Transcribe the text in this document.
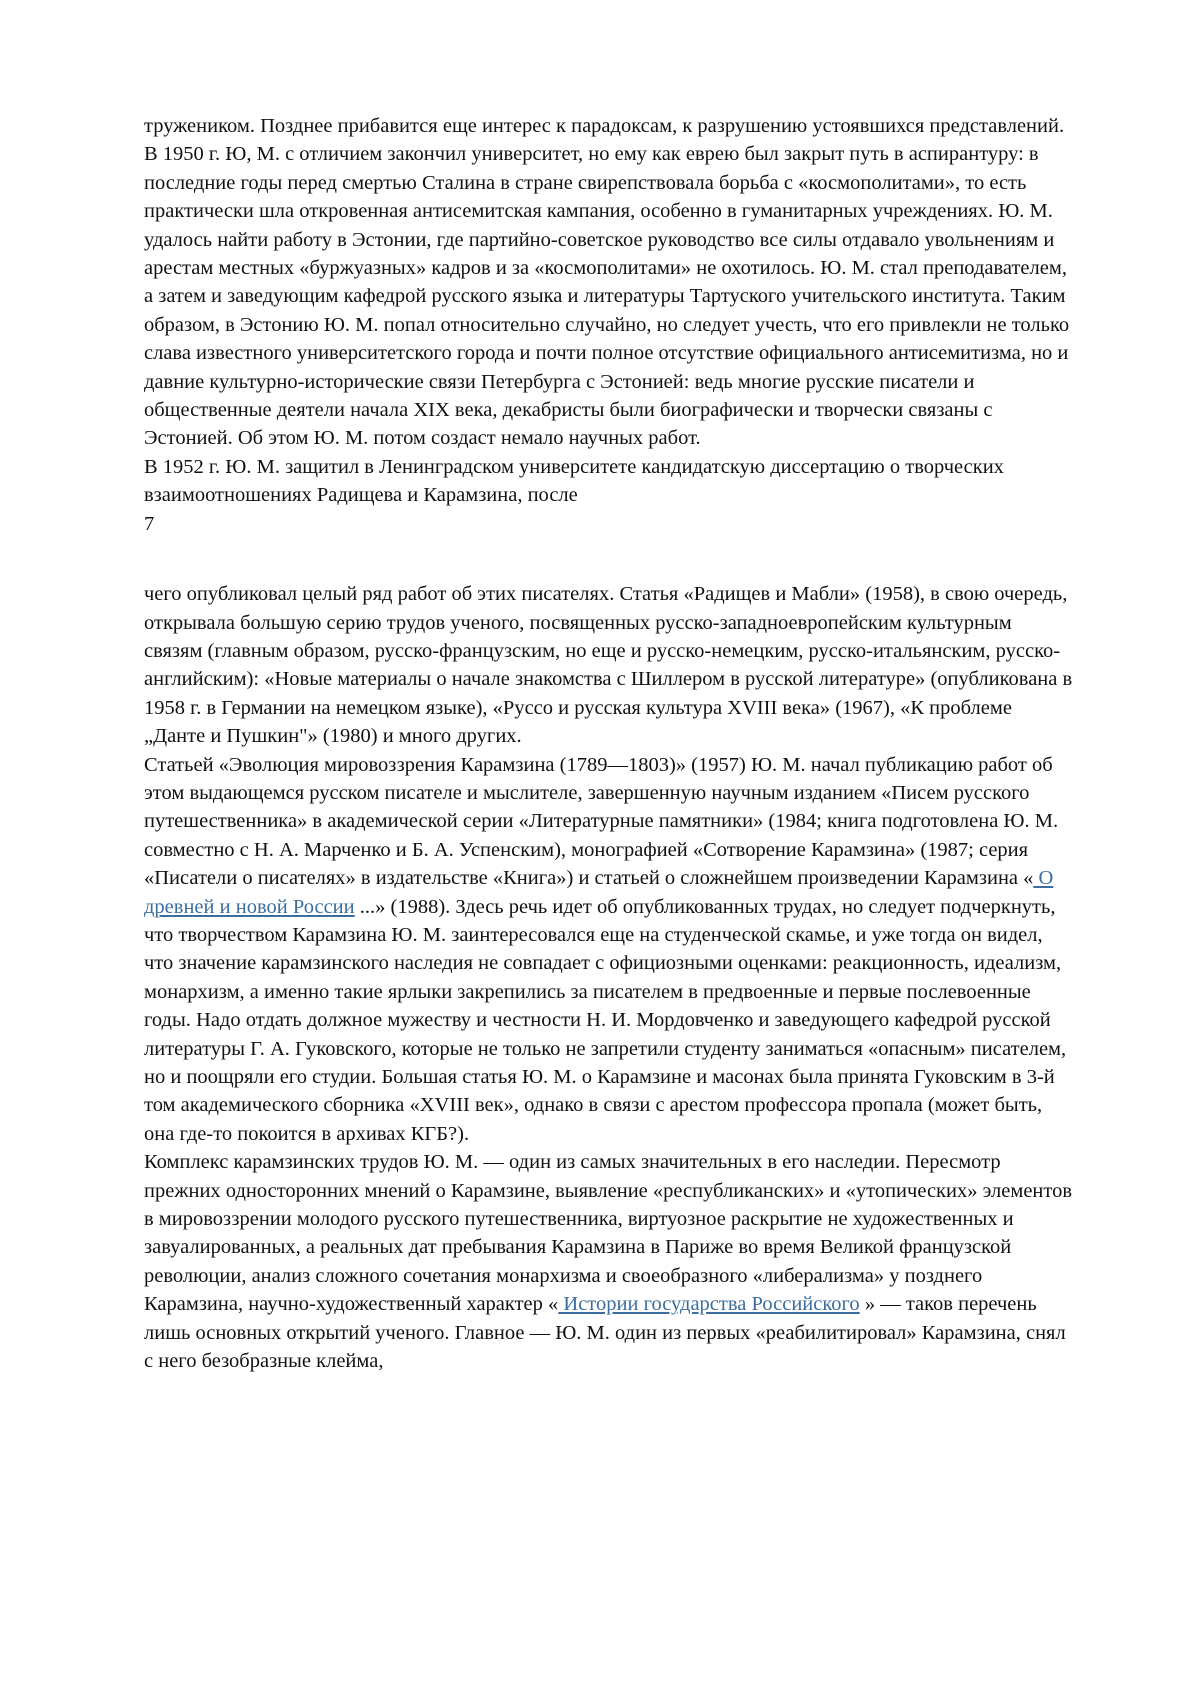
тружеником. Позднее прибавится еще интерес к парадоксам, к разрушению устоявшихся представлений.

В 1950 г. Ю, М. с отличием закончил университет, но ему как еврею был закрыт путь в аспирантуру: в последние годы перед смертью Сталина в стране свирепствовала борьба с «космополитами», то есть практически шла откровенная антисемитская кампания, особенно в гуманитарных учреждениях. Ю. М. удалось найти работу в Эстонии, где партийно-советское руководство все силы отдавало увольнениям и арестам местных «буржуазных» кадров и за «космополитами» не охотилось. Ю. М. стал преподавателем, а затем и заведующим кафедрой русского языка и литературы Тартуского учительского института. Таким образом, в Эстонию Ю. М. попал относительно случайно, но следует учесть, что его привлекли не только слава известного университетского города и почти полное отсутствие официального антисемитизма, но и давние культурно-исторические связи Петербурга с Эстонией: ведь многие русские писатели и общественные деятели начала XIX века, декабристы были биографически и творчески связаны с Эстонией. Об этом Ю. М. потом создаст немало научных работ.

В 1952 г. Ю. М. защитил в Ленинградском университете кандидатскую диссертацию о творческих взаимоотношениях Радищева и Карамзина, после

7

чего опубликовал целый ряд работ об этих писателях. Статья «Радищев и Мабли» (1958), в свою очередь, открывала большую серию трудов ученого, посвященных русско-западноевропейским культурным связям (главным образом, русско-французским, но еще и русско-немецким, русско-итальянским, русско-английским): «Новые материалы о начале знакомства с Шиллером в русской литературе» (опубликована в 1958 г. в Германии на немецком языке), «Руссо и русская культура XVIII века» (1967), «К проблеме „Данте и Пушкин"» (1980) и много других.

Статьей «Эволюция мировоззрения Карамзина (1789—1803)» (1957) Ю. М. начал публикацию работ об этом выдающемся русском писателе и мыслителе, завершенную научным изданием «Писем русского путешественника» в академической серии «Литературные памятники» (1984; книга подготовлена Ю. М. совместно с Н. А. Марченко и Б. А. Успенским), монографией «Сотворение Карамзина» (1987; серия «Писатели о писателях» в издательстве «Книга») и статьей о сложнейшем произведении Карамзина « О древней и новой России ...» (1988). Здесь речь идет об опубликованных трудах, но следует подчеркнуть, что творчеством Карамзина Ю. М. заинтересовался еще на студенческой скамье, и уже тогда он видел, что значение карамзинского наследия не совпадает с официозными оценками: реакционность, идеализм, монархизм, а именно такие ярлыки закрепились за писателем в предвоенные и первые послевоенные годы. Надо отдать должное мужеству и честности Н. И. Мордовченко и заведующего кафедрой русской литературы Г. А. Гуковского, которые не только не запретили студенту заниматься «опасным» писателем, но и поощряли его студии. Большая статья Ю. М. о Карамзине и масонах была принята Гуковским в 3-й том академического сборника «XVIII век», однако в связи с арестом профессора пропала (может быть, она где-то покоится в архивах КГБ?).

Комплекс карамзинских трудов Ю. М. — один из самых значительных в его наследии. Пересмотр прежних односторонних мнений о Карамзине, выявление «республиканских» и «утопических» элементов в мировоззрении молодого русского путешественника, виртуозное раскрытие не художественных и завуалированных, а реальных дат пребывания Карамзина в Париже во время Великой французской революции, анализ сложного сочетания монархизма и своеобразного «либерализма» у позднего Карамзина, научно-художественный характер « Истории государства Российского » — таков перечень лишь основных открытий ученого. Главное — Ю. М. один из первых «реабилитировал» Карамзина, снял с него безобразные клейма,
